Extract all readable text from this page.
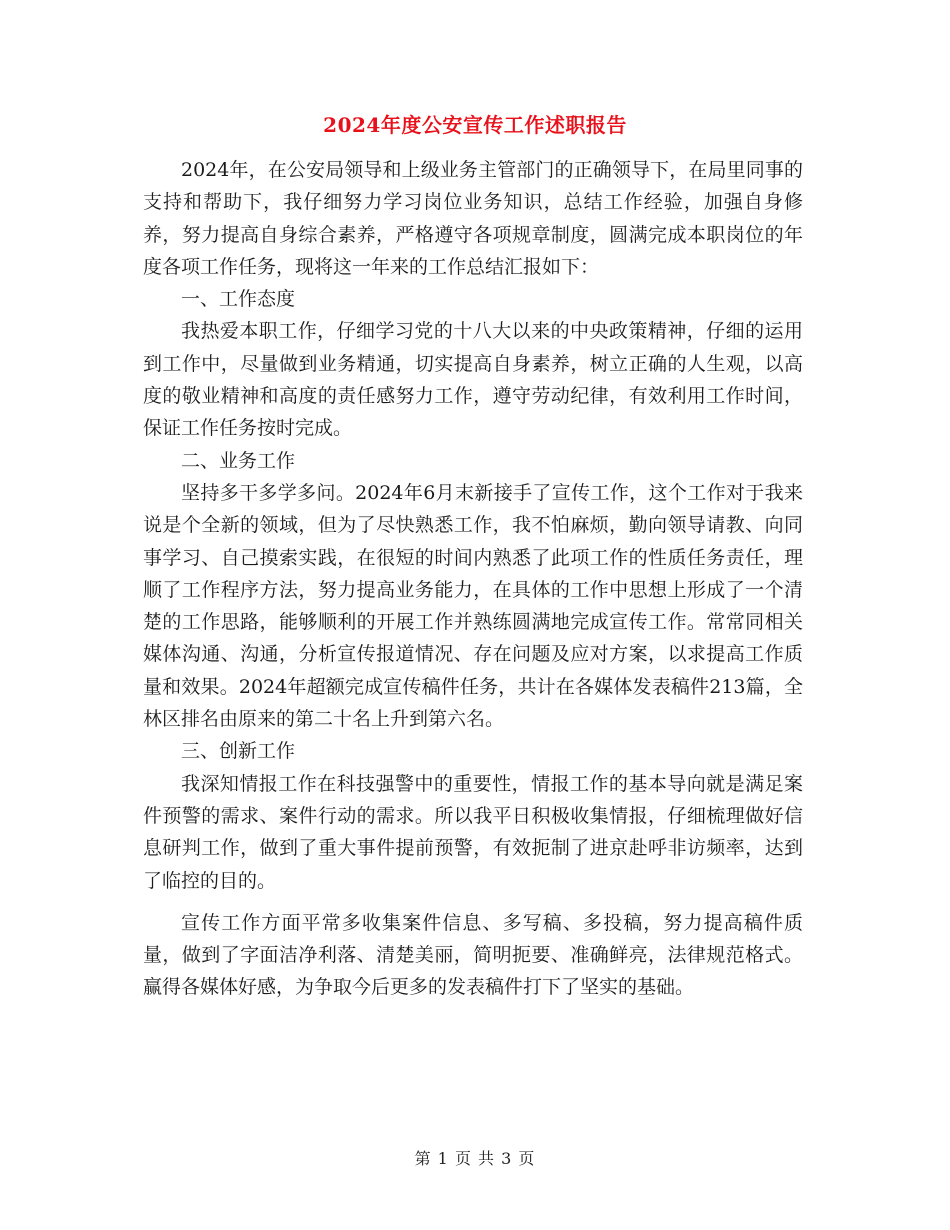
2024年度公安宣传工作述职报告

2024年，在公安局领导和上级业务主管部门的正确领导下，在局里同事的支持和帮助下，我仔细努力学习岗位业务知识，总结工作经验，加强自身修养，努力提高自身综合素养，严格遵守各项规章制度，圆满完成本职岗位的年度各项工作任务，现将这一年来的工作总结汇报如下：

一、工作态度

我热爱本职工作，仔细学习党的十八大以来的中央政策精神，仔细的运用到工作中，尽量做到业务精通，切实提高自身素养，树立正确的人生观，以高度的敬业精神和高度的责任感努力工作，遵守劳动纪律，有效利用工作时间，保证工作任务按时完成。

二、业务工作

坚持多干多学多问。2024年6月末新接手了宣传工作，这个工作对于我来说是个全新的领域，但为了尽快熟悉工作，我不怕麻烦，勤向领导请教、向同事学习、自己摸索实践，在很短的时间内熟悉了此项工作的性质任务责任，理顺了工作程序方法，努力提高业务能力，在具体的工作中思想上形成了一个清楚的工作思路，能够顺利的开展工作并熟练圆满地完成宣传工作。常常同相关媒体沟通、沟通，分析宣传报道情况、存在问题及应对方案，以求提高工作质量和效果。2024年超额完成宣传稿件任务，共计在各媒体发表稿件213篇，全林区排名由原来的第二十名上升到第六名。

三、创新工作

我深知情报工作在科技强警中的重要性，情报工作的基本导向就是满足案件预警的需求、案件行动的需求。所以我平日积极收集情报，仔细梳理做好信息研判工作，做到了重大事件提前预警，有效扼制了进京赴呼非访频率，达到了临控的目的。

宣传工作方面平常多收集案件信息、多写稿、多投稿，努力提高稿件质量，做到了字面洁净利落、清楚美丽，简明扼要、准确鲜亮，法律规范格式。赢得各媒体好感，为争取今后更多的发表稿件打下了坚实的基础。

第 1 页 共 3 页
